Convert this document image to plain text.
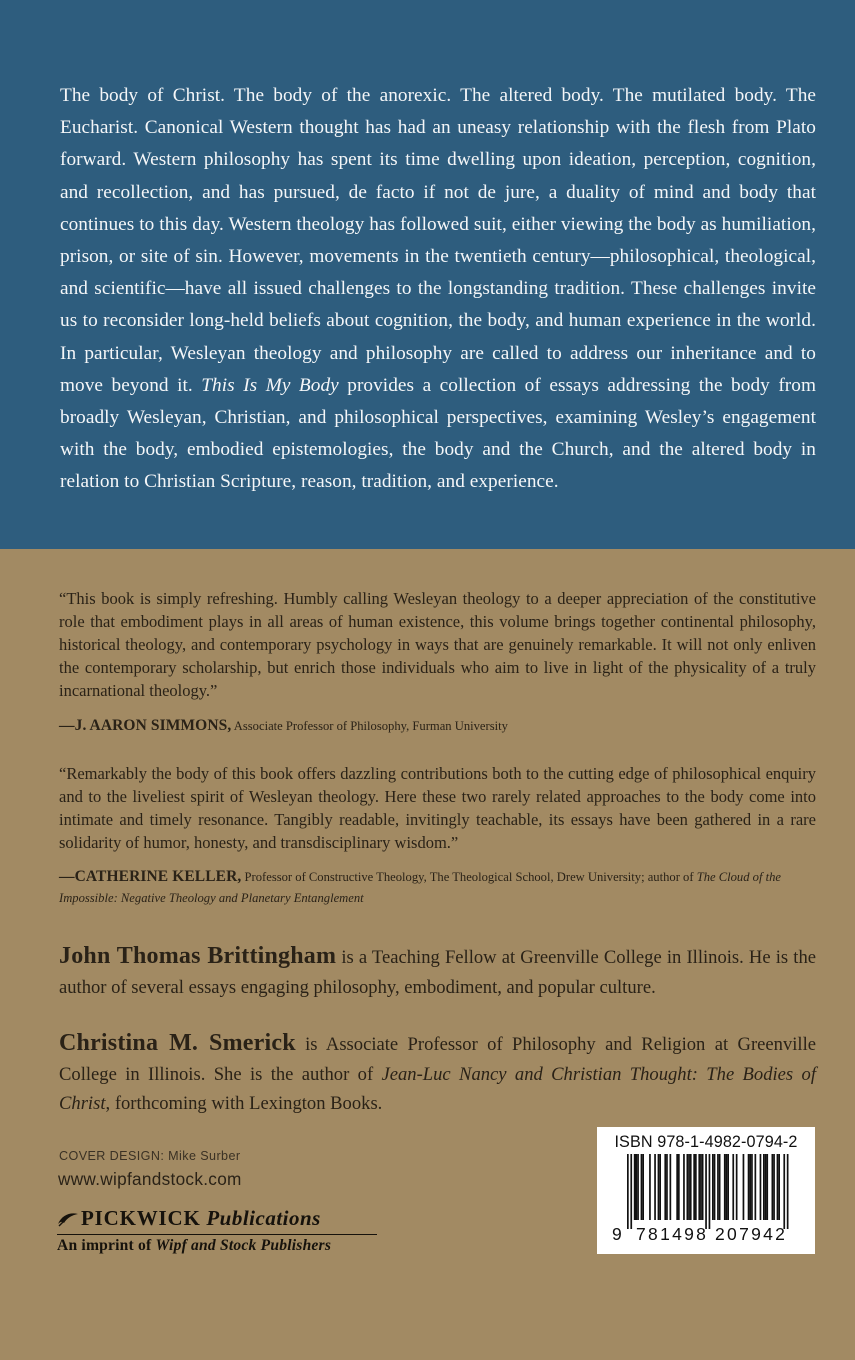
The body of Christ. The body of the anorexic. The altered body. The mutilated body. The Eucharist. Canonical Western thought has had an uneasy relationship with the flesh from Plato forward. Western philosophy has spent its time dwelling upon ideation, perception, cognition, and recollection, and has pursued, de facto if not de jure, a duality of mind and body that continues to this day. Western theology has followed suit, either viewing the body as humiliation, prison, or site of sin. However, movements in the twentieth century—philosophical, theological, and scientific—have all issued challenges to the longstanding tradition. These challenges invite us to reconsider long-held beliefs about cognition, the body, and human experience in the world. In particular, Wesleyan theology and philosophy are called to address our inheritance and to move beyond it. This Is My Body provides a collection of essays addressing the body from broadly Wesleyan, Christian, and philosophical perspectives, examining Wesley’s engagement with the body, embodied epistemologies, the body and the Church, and the altered body in relation to Christian Scripture, reason, tradition, and experience.

“This book is simply refreshing. Humbly calling Wesleyan theology to a deeper appreciation of the constitutive role that embodiment plays in all areas of human existence, this volume brings together continental philosophy, historical theology, and contemporary psychology in ways that are genuinely remarkable. It will not only enliven the contemporary scholarship, but enrich those individuals who aim to live in light of the physicality of a truly incarnational theology.”

—J. AARON SIMMONS, Associate Professor of Philosophy, Furman University

“Remarkably the body of this book offers dazzling contributions both to the cutting edge of philosophical enquiry and to the liveliest spirit of Wesleyan theology. Here these two rarely related approaches to the body come into intimate and timely resonance. Tangibly readable, invitingly teachable, its essays have been gathered in a rare solidarity of humor, honesty, and transdisciplinary wisdom.”

—CATHERINE KELLER, Professor of Constructive Theology, The Theological School, Drew University; author of The Cloud of the Impossible: Negative Theology and Planetary Entanglement

John Thomas Brittingham is a Teaching Fellow at Greenville College in Illinois. He is the author of several essays engaging philosophy, embodiment, and popular culture.

Christina M. Smerick is Associate Professor of Philosophy and Religion at Greenville College in Illinois. She is the author of Jean-Luc Nancy and Christian Thought: The Bodies of Christ, forthcoming with Lexington Books.

COVER DESIGN: Mike Surber

www.wipfandstock.com

PICKWICK Publications
An imprint of Wipf and Stock Publishers

ISBN 978-1-4982-0794-2

9 781498 207942
